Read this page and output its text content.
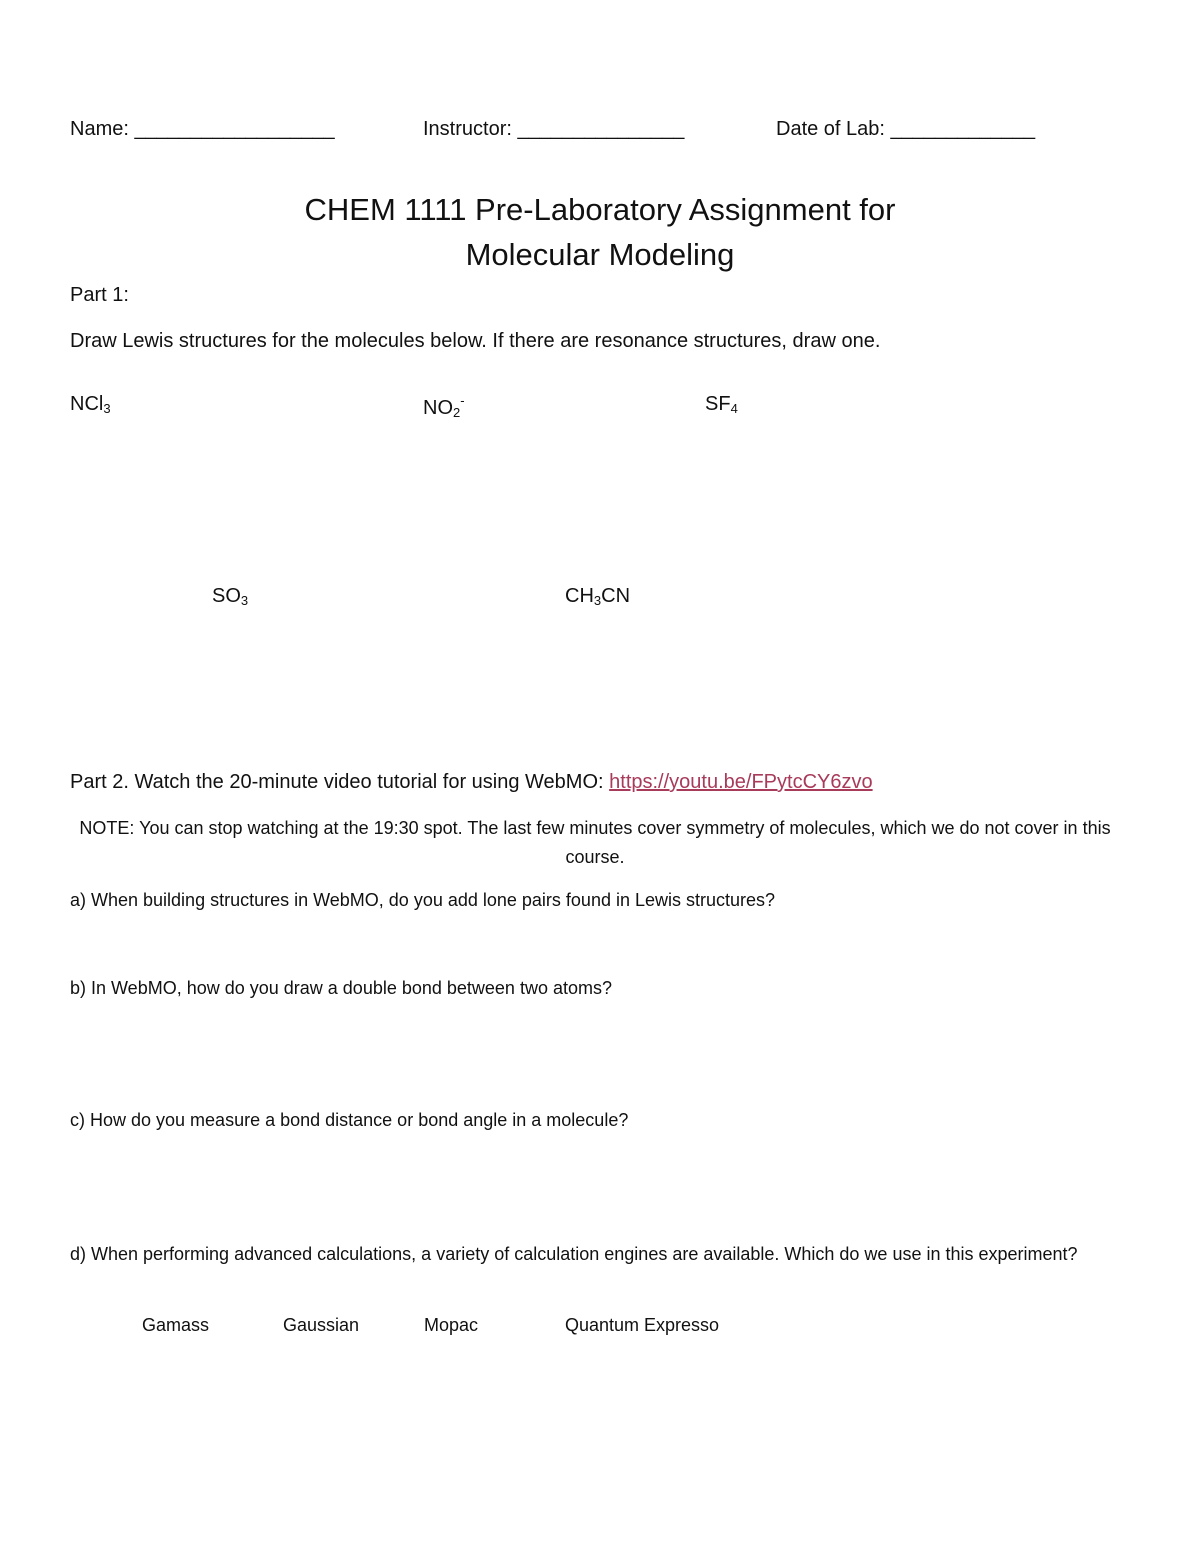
Name: __________________	Instructor: _______________	Date of Lab: _____________
CHEM 1111 Pre-Laboratory Assignment for
Molecular Modeling
Part 1:
Draw Lewis structures for the molecules below. If there are resonance structures, draw one.
NCl$_3$	$NO_2^-$	$SF_4$
$SO_3$	$CH_3CN$
Part 2. Watch the 20-minute video tutorial for using WebMO: https://youtu.be/FPytcCY6zvo
NOTE: You can stop watching at the 19:30 spot. The last few minutes cover symmetry of molecules, which we do not cover in this course.
a) When building structures in WebMO, do you add lone pairs found in Lewis structures?
b) In WebMO, how do you draw a double bond between two atoms?
c) How do you measure a bond distance or bond angle in a molecule?
d) When performing advanced calculations, a variety of calculation engines are available. Which do we use in this experiment?
Gamass	Gaussian	Mopac	Quantum Expresso
